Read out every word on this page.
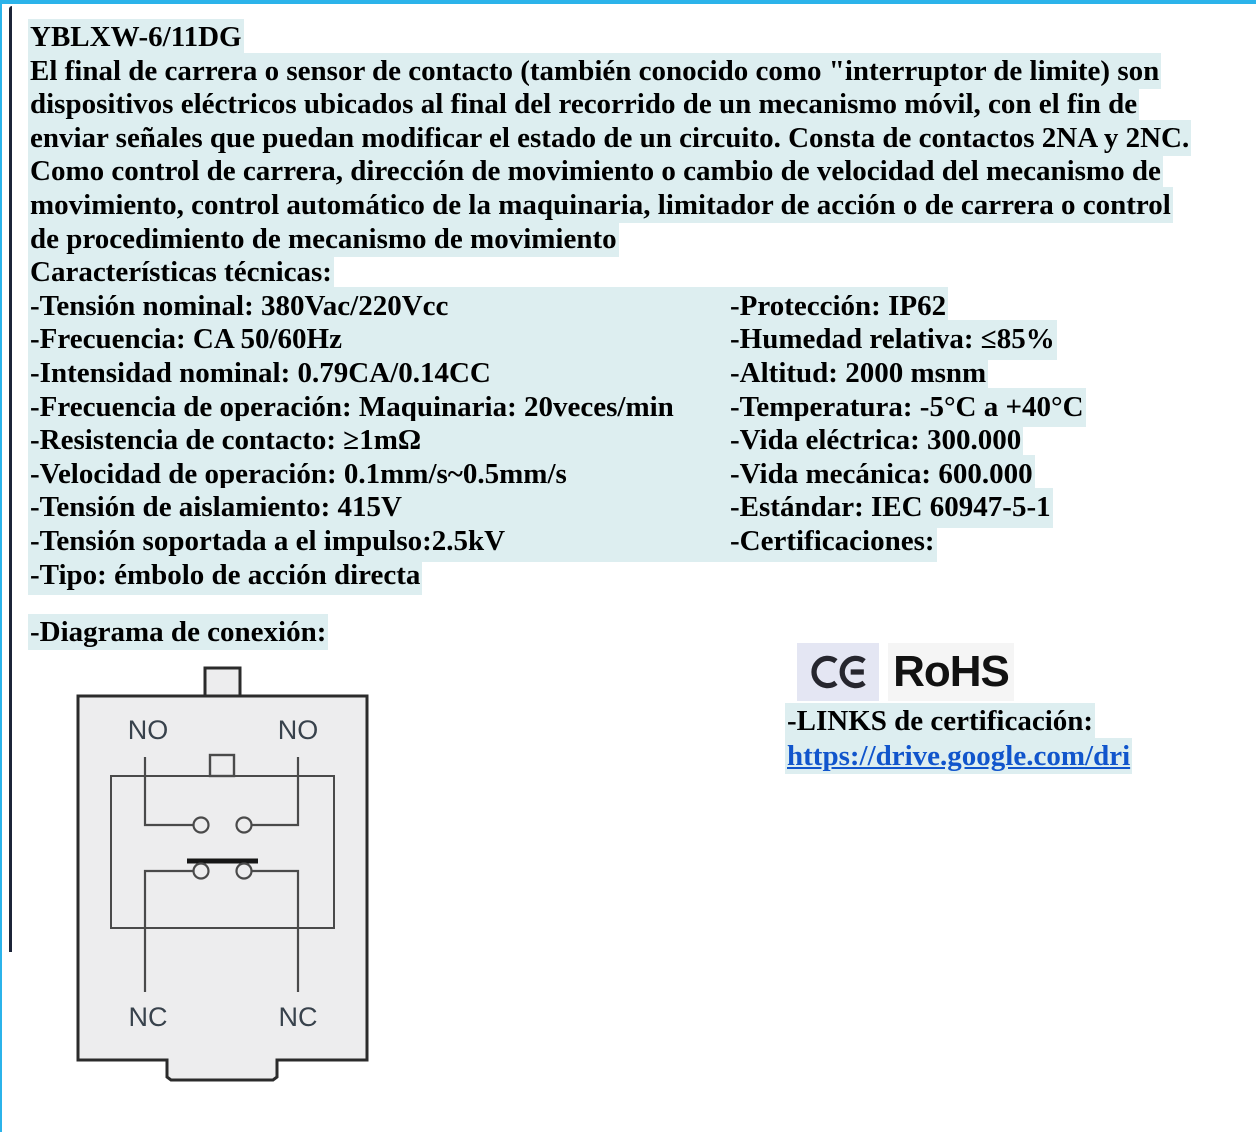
YBLXW-6/11DG
El final de carrera o sensor de contacto (también conocido como "interruptor de limite) son
dispositivos eléctricos ubicados al final del recorrido de un mecanismo móvil, con el fin de
enviar señales que puedan modificar el estado de un circuito. Consta de contactos 2NA y 2NC.
Como control de carrera, dirección de movimiento o cambio de velocidad del mecanismo de
movimiento, control automático de la maquinaria, limitador de acción o de carrera o control
de procedimiento de mecanismo de movimiento
Características técnicas:
-Tensión nominal: 380Vac/220Vcc	-Protección: IP62
-Frecuencia: CA 50/60Hz	-Humedad relativa: ≤85%
-Intensidad nominal: 0.79CA/0.14CC	-Altitud: 2000 msnm
-Frecuencia de operación: Maquinaria: 20veces/min	-Temperatura: -5°C a +40°C
-Resistencia de contacto: ≥1mΩ	-Vida eléctrica: 300.000
-Velocidad de operación: 0.1mm/s~0.5mm/s	-Vida mecánica: 600.000
-Tensión de aislamiento: 415V	-Estándar: IEC 60947-5-1
-Tensión soportada a el impulso:2.5kV	-Certificaciones:
-Tipo: émbolo de acción directa
-Diagrama de conexión:
NO	NO
NC	NC
RoHS
-LINKS de certificación:
https://drive.google.com/dri
